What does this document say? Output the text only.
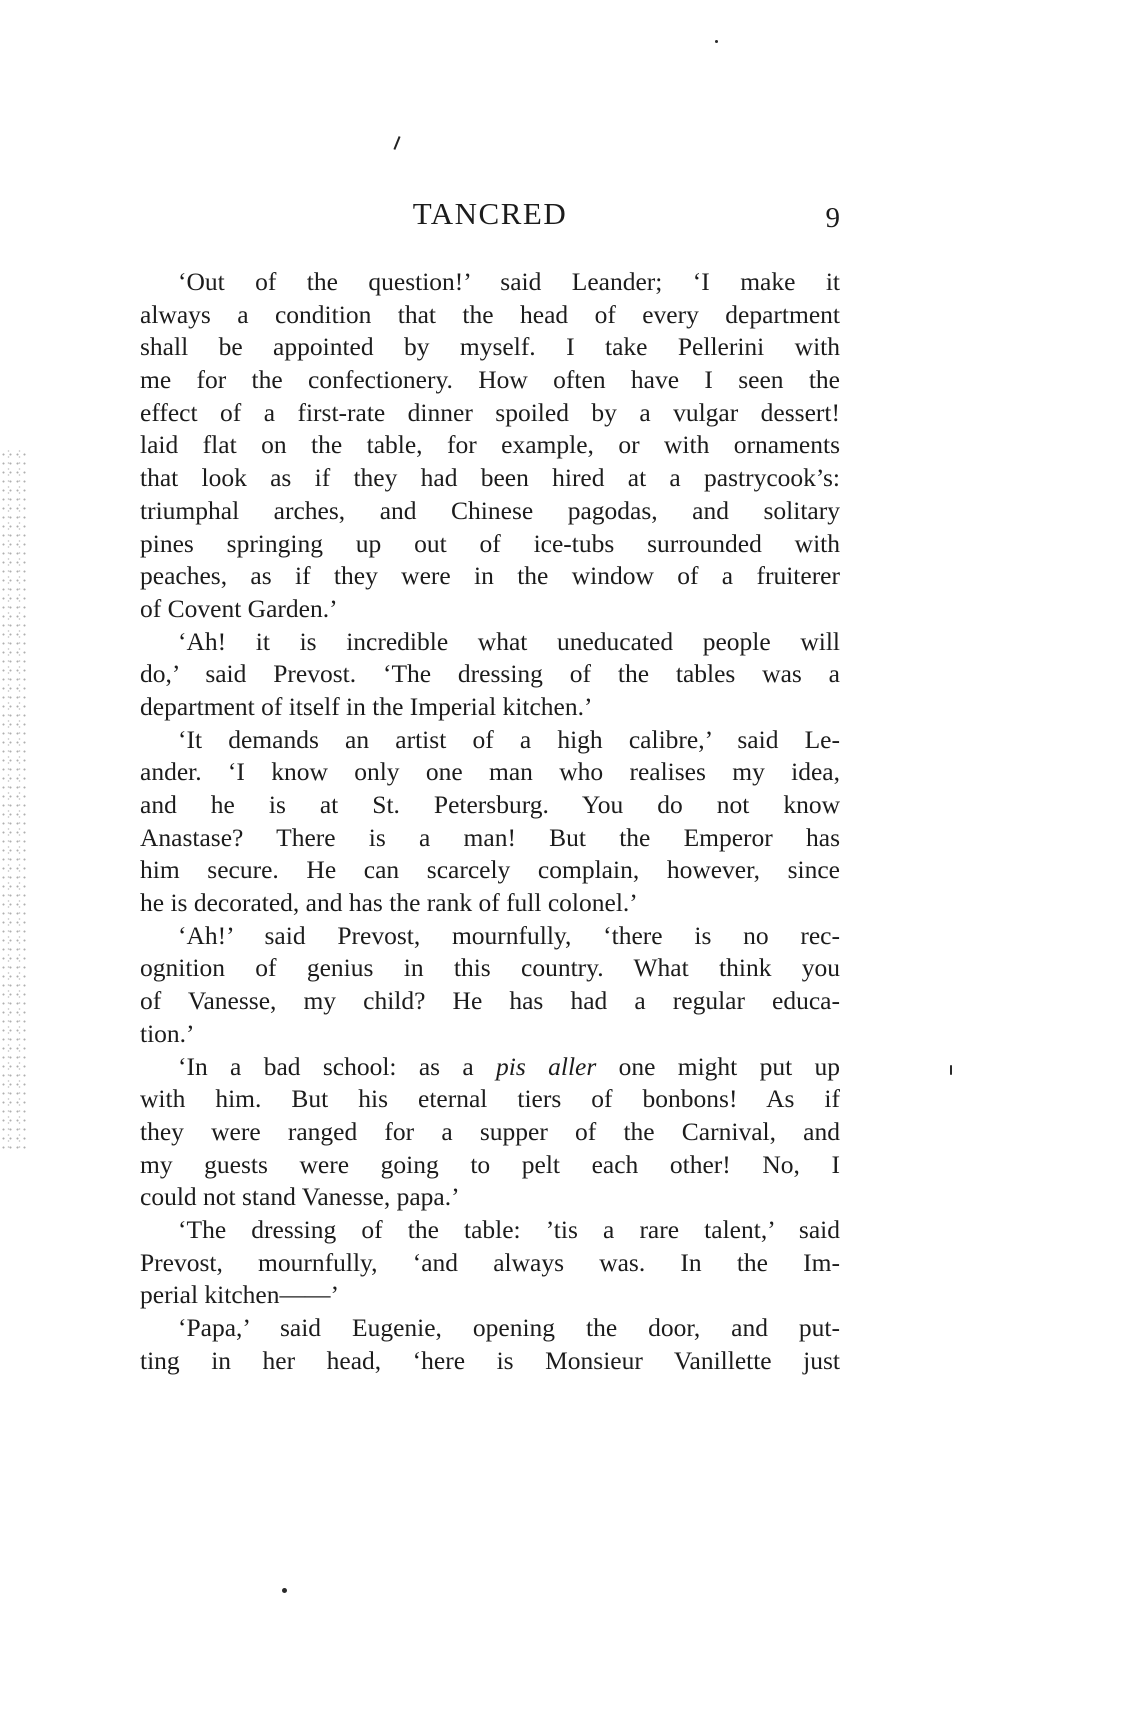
TANCRED	9
‘Out of the question!’ said Leander; ‘I make it
always a condition that the head of every department
shall be appointed by myself. I take Pellerini with
me for the confectionery. How often have I seen the
effect of a first-rate dinner spoiled by a vulgar dessert!
laid flat on the table, for example, or with ornaments
that look as if they had been hired at a pastrycook’s:
triumphal arches, and Chinese pagodas, and solitary
pines springing up out of ice-tubs surrounded with
peaches, as if they were in the window of a fruiterer
of Covent Garden.’
‘Ah! it is incredible what uneducated people will
do,’ said Prevost. ‘The dressing of the tables was a
department of itself in the Imperial kitchen.’
‘It demands an artist of a high calibre,’ said Le-
ander. ‘I know only one man who realises my idea,
and he is at St. Petersburg. You do not know
Anastase? There is a man! But the Emperor has
him secure. He can scarcely complain, however, since
he is decorated, and has the rank of full colonel.’
‘Ah!’ said Prevost, mournfully, ‘there is no rec-
ognition of genius in this country. What think you
of Vanesse, my child? He has had a regular educa-
tion.’
‘In a bad school: as a pis aller one might put up
with him. But his eternal tiers of bonbons! As if
they were ranged for a supper of the Carnival, and
my guests were going to pelt each other! No, I
could not stand Vanesse, papa.’
‘The dressing of the table: ’tis a rare talent,’ said
Prevost, mournfully, ‘and always was. In the Im-
perial kitchen——’
‘Papa,’ said Eugenie, opening the door, and put-
ting in her head, ‘here is Monsieur Vanillette just
